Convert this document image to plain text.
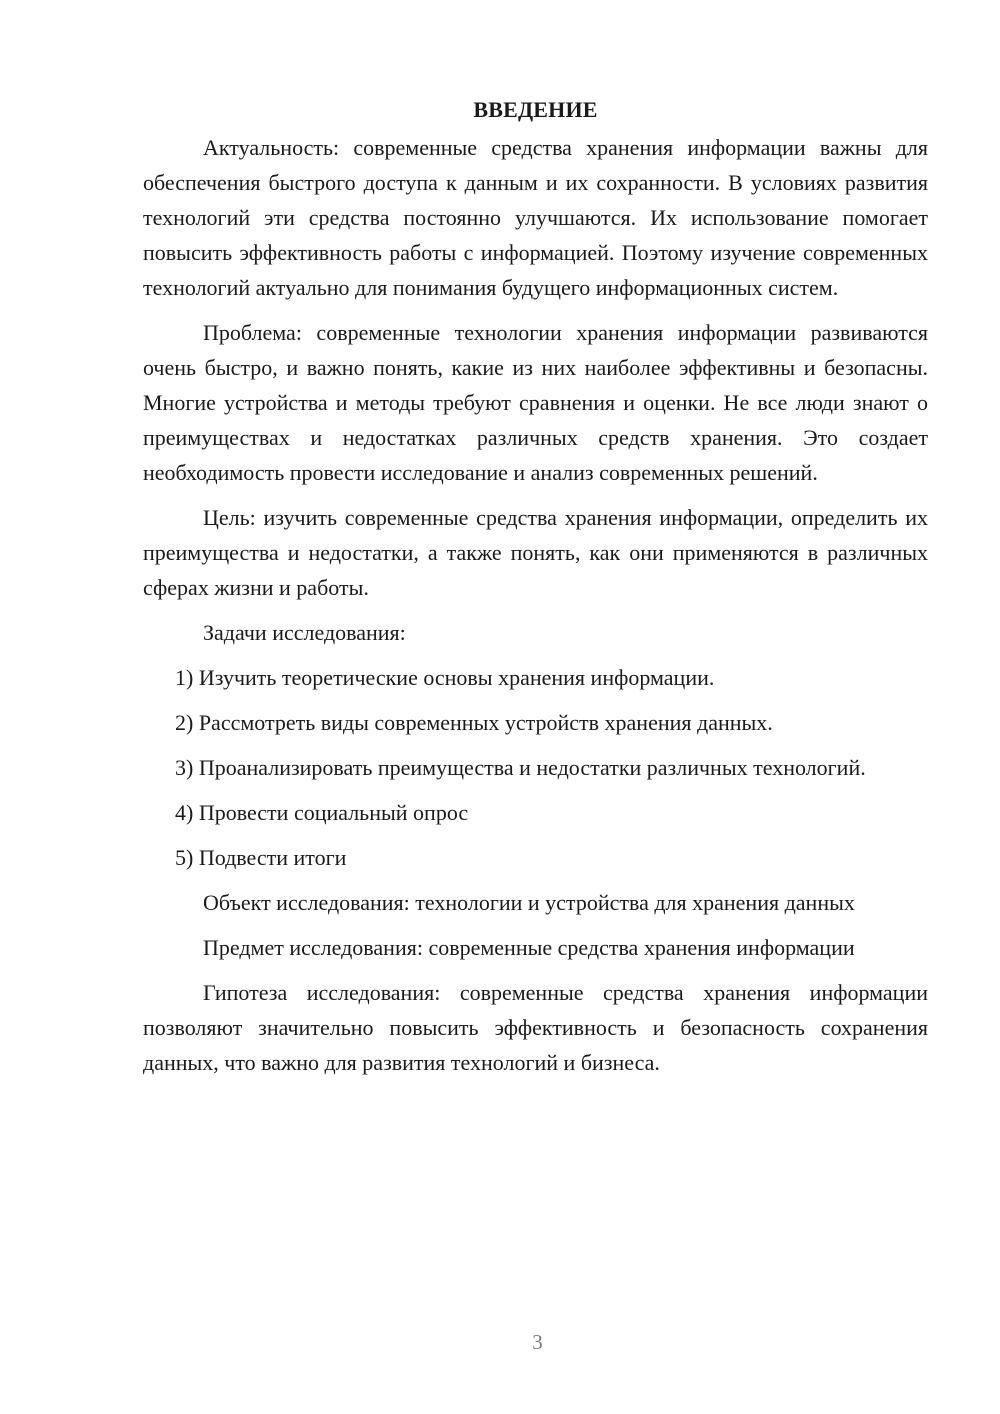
ВВЕДЕНИЕ

Актуальность: современные средства хранения информации важны для обеспечения быстрого доступа к данным и их сохранности. В условиях развития технологий эти средства постоянно улучшаются. Их использование помогает повысить эффективность работы с информацией. Поэтому изучение современных технологий актуально для понимания будущего информационных систем.

Проблема: современные технологии хранения информации развиваются очень быстро, и важно понять, какие из них наиболее эффективны и безопасны. Многие устройства и методы требуют сравнения и оценки. Не все люди знают о преимуществах и недостатках различных средств хранения. Это создает необходимость провести исследование и анализ современных решений.

Цель: изучить современные средства хранения информации, определить их преимущества и недостатки, а также понять, как они применяются в различных сферах жизни и работы.

Задачи исследования:

1) Изучить теоретические основы хранения информации.

2) Рассмотреть виды современных устройств хранения данных.

3) Проанализировать преимущества и недостатки различных технологий.

4) Провести социальный опрос

5) Подвести итоги

Объект исследования: технологии и устройства для хранения данных

Предмет исследования: современные средства хранения информации

Гипотеза исследования: современные средства хранения информации позволяют значительно повысить эффективность и безопасность сохранения данных, что важно для развития технологий и бизнеса.

3
